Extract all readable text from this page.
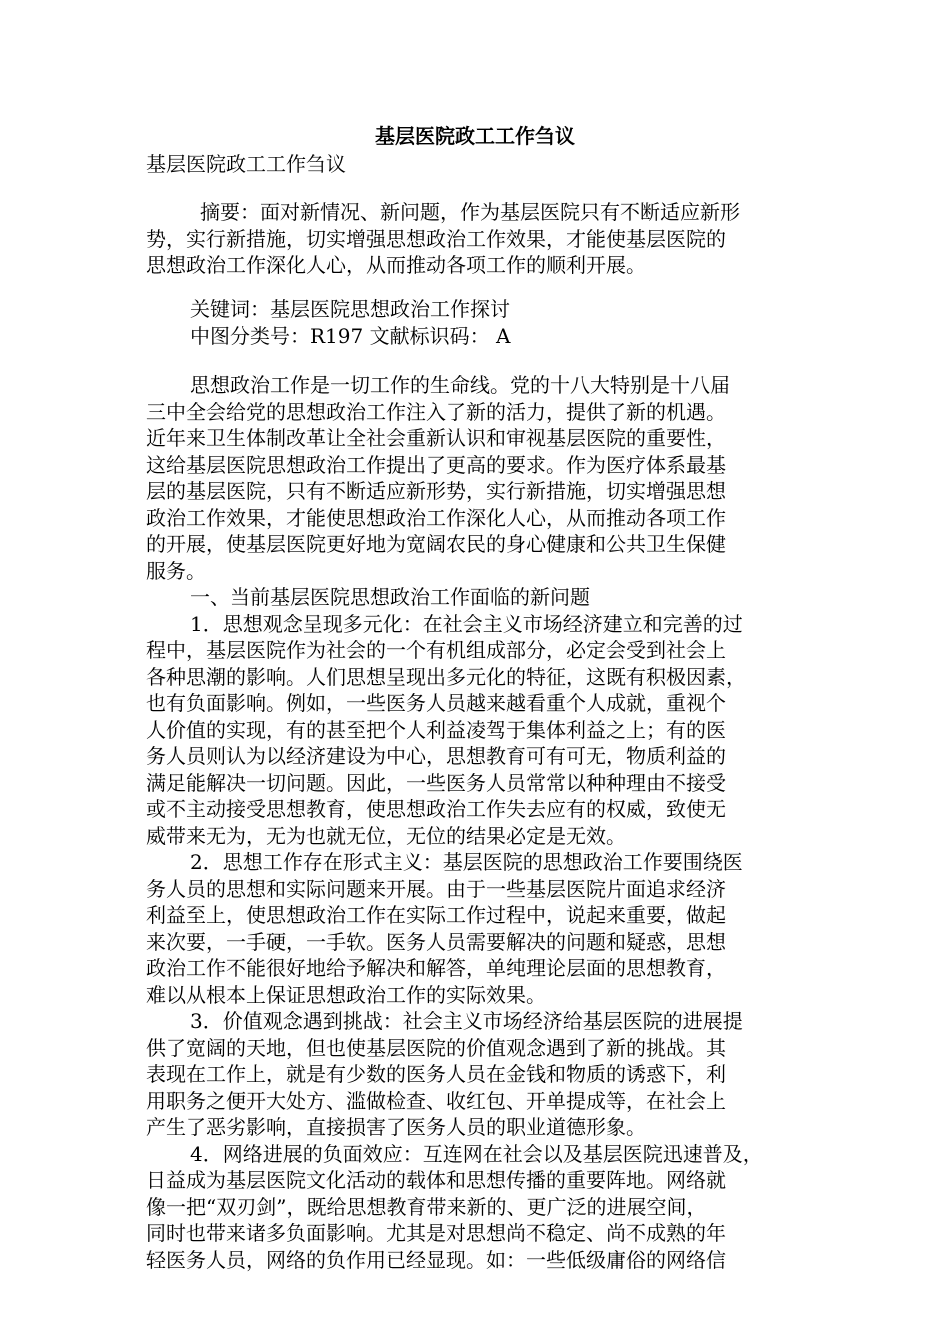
基层医院政工工作刍议
基层医院政工工作刍议
摘要：面对新情况、新问题，作为基层医院只有不断适应新形
势，实行新措施，切实增强思想政治工作效果，才能使基层医院的
思想政治工作深化人心，从而推动各项工作的顺利开展。
关键词：基层医院思想政治工作探讨
中图分类号：R197 文献标识码： A
思想政治工作是一切工作的生命线。党的十八大特别是十八届
三中全会给党的思想政治工作注入了新的活力，提供了新的机遇。
近年来卫生体制改革让全社会重新认识和审视基层医院的重要性，
这给基层医院思想政治工作提出了更高的要求。作为医疗体系最基
层的基层医院，只有不断适应新形势，实行新措施，切实增强思想
政治工作效果，才能使思想政治工作深化人心，从而推动各项工作
的开展，使基层医院更好地为宽阔农民的身心健康和公共卫生保健
服务。
一、当前基层医院思想政治工作面临的新问题
1．思想观念呈现多元化：在社会主义市场经济建立和完善的过
程中，基层医院作为社会的一个有机组成部分，必定会受到社会上
各种思潮的影响。人们思想呈现出多元化的特征，这既有积极因素，
也有负面影响。例如，一些医务人员越来越看重个人成就，重视个
人价值的实现，有的甚至把个人利益凌驾于集体利益之上；有的医
务人员则认为以经济建设为中心，思想教育可有可无，物质利益的
满足能解决一切问题。因此，一些医务人员常常以种种理由不接受
或不主动接受思想教育，使思想政治工作失去应有的权威，致使无
威带来无为，无为也就无位，无位的结果必定是无效。
2．思想工作存在形式主义：基层医院的思想政治工作要围绕医
务人员的思想和实际问题来开展。由于一些基层医院片面追求经济
利益至上，使思想政治工作在实际工作过程中，说起来重要，做起
来次要，一手硬，一手软。医务人员需要解决的问题和疑惑，思想
政治工作不能很好地给予解决和解答，单纯理论层面的思想教育，
难以从根本上保证思想政治工作的实际效果。
3．价值观念遇到挑战：社会主义市场经济给基层医院的进展提
供了宽阔的天地，但也使基层医院的价值观念遇到了新的挑战。其
表现在工作上，就是有少数的医务人员在金钱和物质的诱惑下，利
用职务之便开大处方、滥做检查、收红包、开单提成等，在社会上
产生了恶劣影响，直接损害了医务人员的职业道德形象。
4．网络进展的负面效应：互连网在社会以及基层医院迅速普及，
日益成为基层医院文化活动的载体和思想传播的重要阵地。网络就
像一把“双刃剑”，既给思想教育带来新的、更广泛的进展空间，
同时也带来诸多负面影响。尤其是对思想尚不稳定、尚不成熟的年
轻医务人员，网络的负作用已经显现。如：一些低级庸俗的网络信
